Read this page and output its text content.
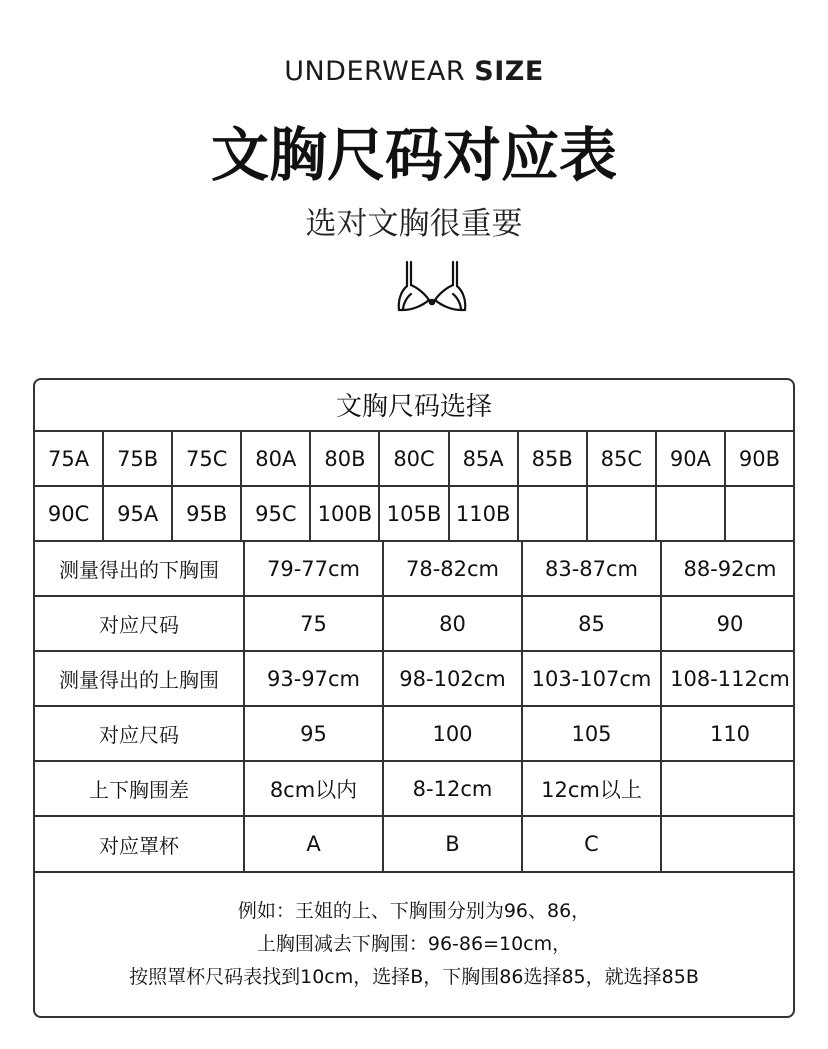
UNDERWEAR SIZE
文胸尺码对应表
选对文胸很重要
文胸尺码选择
75A	75B	75C	80A	80B	80C	85A	85B	85C	90A	90B
90C	95A	95B	95C	100B 105B 110B
测量得出的下胸围	79-77cm	78-82cm	83-87cm	88-92cm
对应尺码	75	80	85	90
测量得出的上胸围	93-97cm	98-102cm	103-107cm 108-112cm
对应尺码	95	100	105	110
上下胸围差	8cm以内	8-12cm	12cm以上
对应罩杯	A	B	C
例如：王姐的上、下胸围分别为96、86，
上胸围减去下胸围：96-86=10cm，
按照罩杯尺码表找到10cm，选择B，下胸围86选择85，就选择85B
